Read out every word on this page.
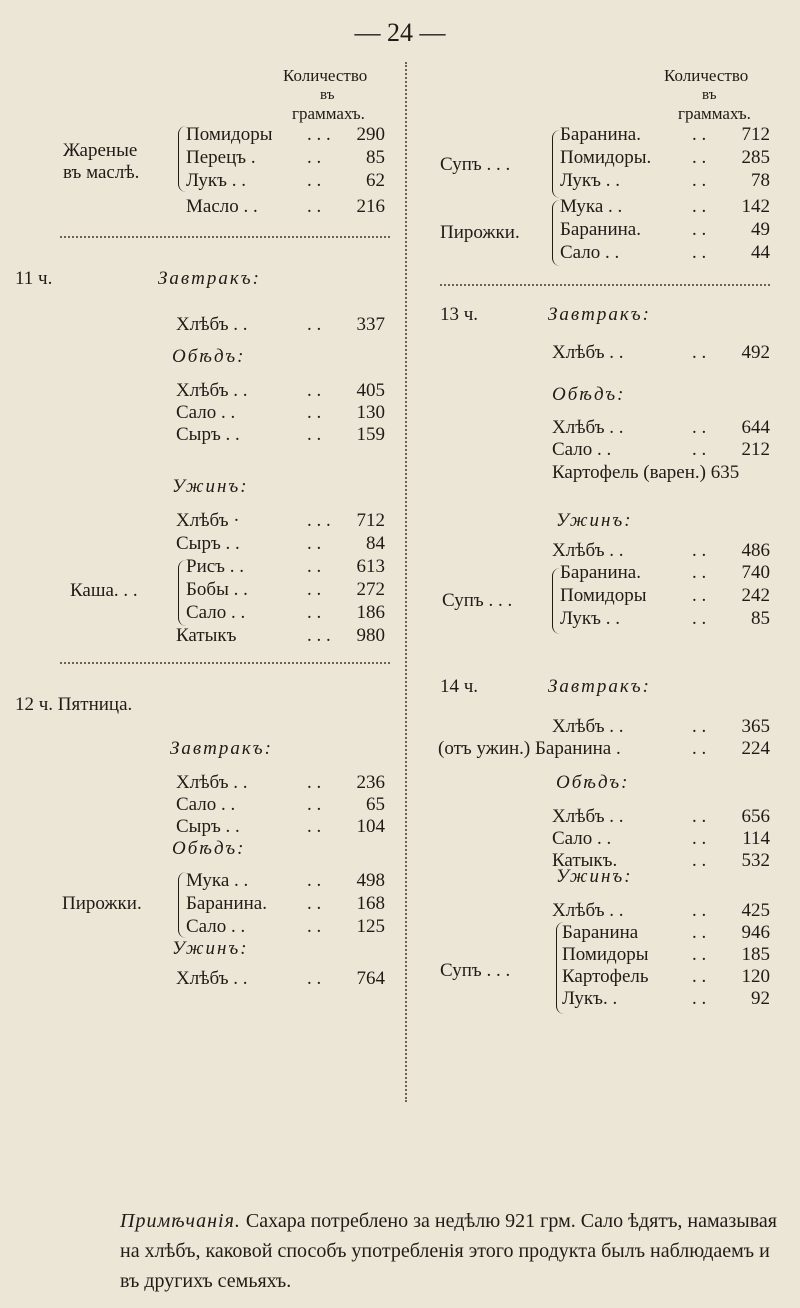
— 24 —
Примѣчанія. Сахара потреблено за недѣлю 921 грм. Сало ѣдятъ, намазывая на хлѣбъ, каковой способъ употребленія этого продукта былъ наблюдаемъ и въ другихъ семьяхъ.
Количество
въ
граммахъ.
Жареные
въ маслѣ.
Помидоры . . .	290
Перецъ .	. .	85
Лукъ . .	. .	62
Масло . .	. .	216
11 ч.	Завтракъ:
Хлѣбъ . .	. .	337
Обѣдъ:
Хлѣбъ . .	. .	405
Сало . .	. .	130
Сыръ . .	. .	159
Ужинъ:
Хлѣбъ ·	. . .	712
Сыръ . .	. .	84
Каша. . .
Рисъ . .	. .	613
Бобы . .	. .	272
Сало . .	. .	186
Катыкъ	. . .	980
12 ч. Пятница.
Завтракъ:
Хлѣбъ . .	. .	236
Сало . .	. .	65
Сыръ . .	. .	104
Обѣдъ:
Пирожки.
Мука . .	. .	498
Баранина. . .	168
Сало . .	. .	125
Ужинъ:
Хлѣбъ . .	. .	764
Количество
въ
граммахъ.
Супъ . . .
Баранина.	. .	712
Помидоры. . .	285
Лукъ . .	. .	78
Пирожки.
Мука . .	. .	142
Баранина.	. .	49
Сало . .	. .	44
13 ч.	Завтракъ:
Хлѣбъ . .	. .	492
Обѣдъ:
Хлѣбъ . .	. .	644
Сало . .	. .	212
Картофель (варен.) 635
Ужинъ:
Хлѣбъ . .	. .	486
Супъ . . .
Баранина.	. .	740
Помидоры . .	242
Лукъ . .	. .	85
14 ч.	Завтракъ:
Хлѣбъ . .	. .	365
(отъ ужин.) Баранина .	. .	224
Обѣдъ:
Хлѣбъ . .	. .	656
Сало . .	. .	114
Катыкъ.	. .	532
Ужинъ:
Хлѣбъ . .	. .	425
Супъ . . .
Баранина	. .	946
Помидоры . .	185
Картофель . .	120
Лукъ. .	. .	92
